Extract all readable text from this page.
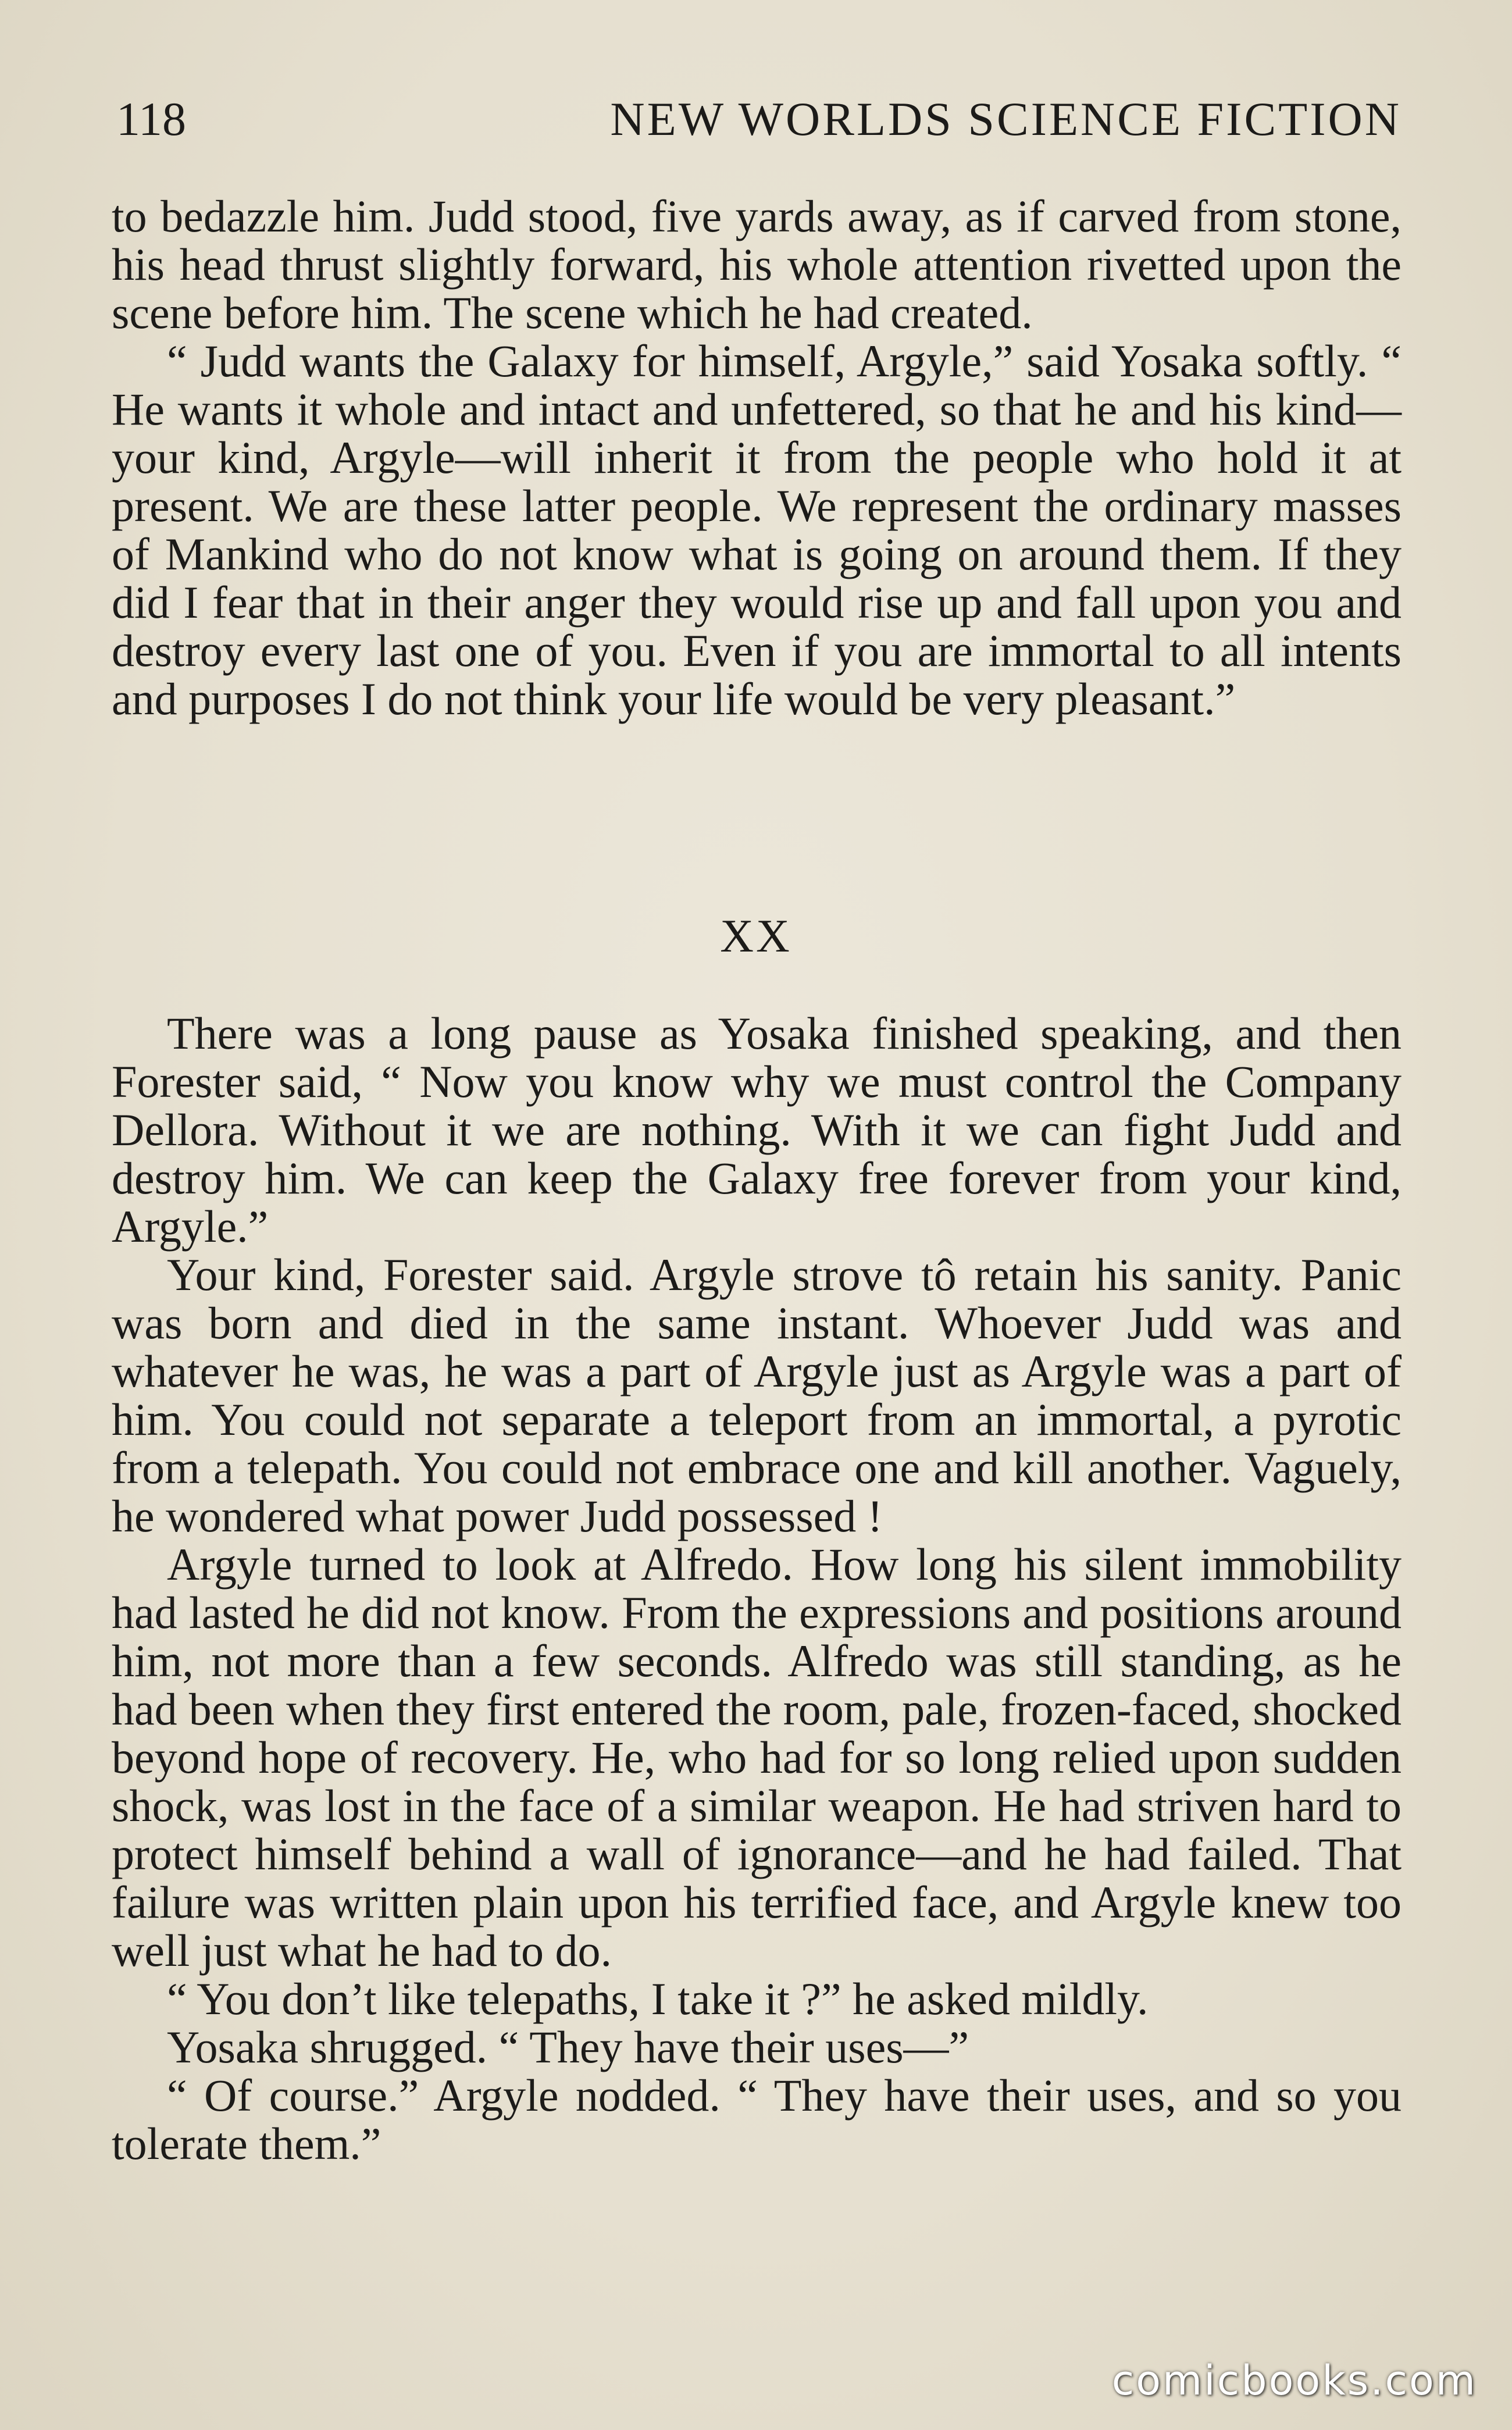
118	NEW WORLDS SCIENCE FICTION

to bedazzle him. Judd stood, five yards away, as if carved from stone, his head thrust slightly forward, his whole attention rivetted upon the scene before him. The scene which he had created.

“ Judd wants the Galaxy for himself, Argyle,” said Yosaka softly. “ He wants it whole and intact and unfettered, so that he and his kind—your kind, Argyle—will inherit it from the people who hold it at present. We are these latter people. We represent the ordinary masses of Mankind who do not know what is going on around them. If they did I fear that in their anger they would rise up and fall upon you and destroy every last one of you. Even if you are immortal to all intents and purposes I do not think your life would be very pleasant.”

XX

There was a long pause as Yosaka finished speaking, and then Forester said, “ Now you know why we must control the Company Dellora. Without it we are nothing. With it we can fight Judd and destroy him. We can keep the Galaxy free forever from your kind, Argyle.”

Your kind, Forester said. Argyle strove tô retain his sanity. Panic was born and died in the same instant. Whoever Judd was and whatever he was, he was a part of Argyle just as Argyle was a part of him. You could not separate a teleport from an immortal, a pyrotic from a telepath. You could not embrace one and kill another. Vaguely, he wondered what power Judd possessed !

Argyle turned to look at Alfredo. How long his silent immobility had lasted he did not know. From the expressions and positions around him, not more than a few seconds. Alfredo was still standing, as he had been when they first entered the room, pale, frozen-faced, shocked beyond hope of recovery. He, who had for so long relied upon sudden shock, was lost in the face of a similar weapon. He had striven hard to protect himself behind a wall of ignorance—and he had failed. That failure was written plain upon his terrified face, and Argyle knew too well just what he had to do.

“ You don’t like telepaths, I take it ?” he asked mildly.

Yosaka shrugged. “ They have their uses—”

“ Of course.” Argyle nodded. “ They have their uses, and so you tolerate them.”

comicbooks.com
